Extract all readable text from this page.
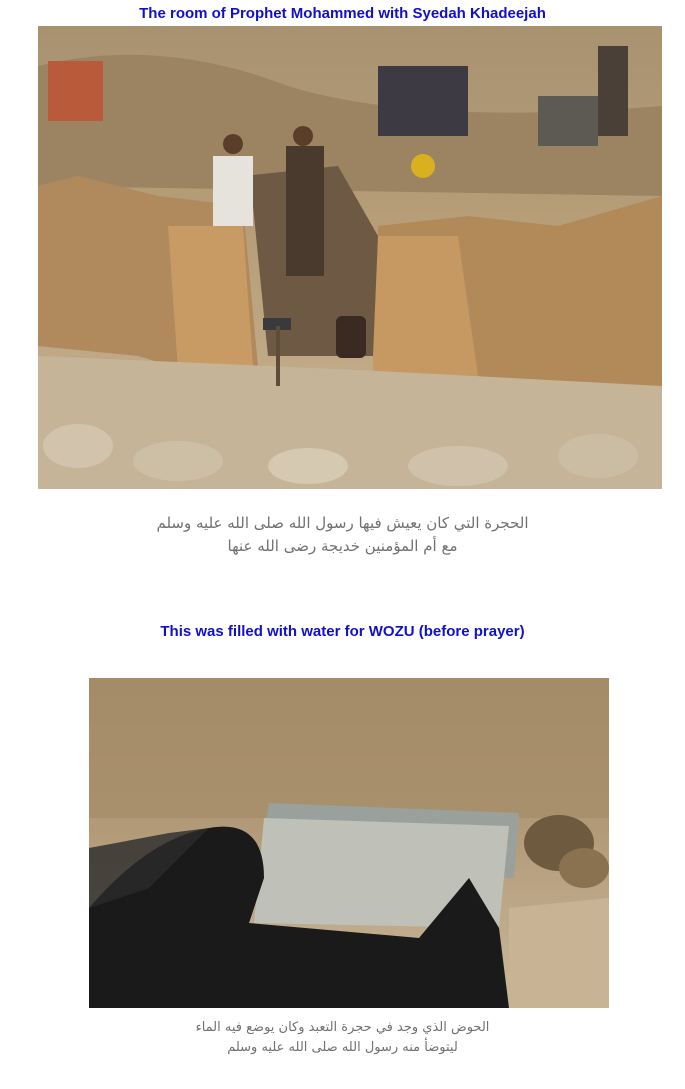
The room of Prophet Mohammed with Syedah Khadeejah
الحجرة التي كان يعيش فيها رسول الله صلى الله عليه وسلم
مع أم المؤمنين خديجة رضى الله عنها
This was filled with water for WOZU (before prayer)
الحوض الذي وجد في حجرة التعبد وكان يوضع فيه الماء
ليتوضأ منه رسول الله صلى الله عليه وسلم
